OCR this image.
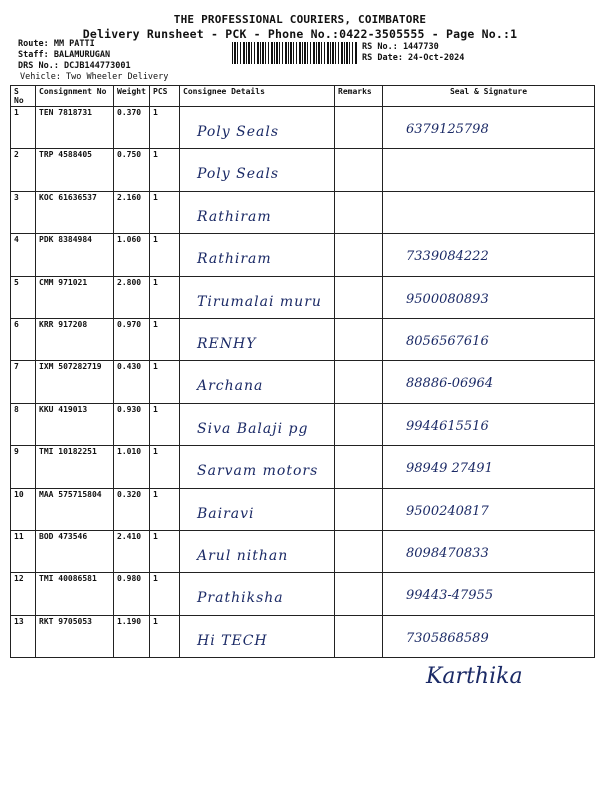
THE PROFESSIONAL COURIERS, COIMBATORE
Delivery Runsheet - PCK - Phone No.:0422-3505555 - Page No.:1
Route: MM PATTI
Staff: BALAMURUGAN
DRS No.: DCJB144773001
Vehicle: Two Wheeler Delivery
RS No.: 1447730
RS Date: 24-Oct-2024
S No	Consignment No	Weight	PCS	Consignee Details	Remarks	Seal & Signature
1	TEN 7818731	0.370	1	Poly Seals		6379125798

2	TRP 4588405	0.750	1	Poly Seals		

3	KOC 61636537	2.160	1	Rathiram		

4	PDK 8384984	1.060	1	Rathiram		7339084222

5	CMM 971021	2.800	1	Tirumalai muru		9500080893

6	KRR 917208	0.970	1	RENHY		8056567616

7	IXM 507282719	0.430	1	Archana		88886-06964

8	KKU 419013	0.930	1	Siva Balaji pg		9944615516

9	TMI 10182251	1.010	1	Sarvam motors		98949 27491

10	MAA 575715804	0.320	1	Bairavi		9500240817

11	BOD 473546	2.410	1	Arul nithan		8098470833

12	TMI 40086581	0.980	1	Prathiksha		99443-47955

13	RKT 9705053	1.190	1	Hi TECH		7305868589
Karthika
